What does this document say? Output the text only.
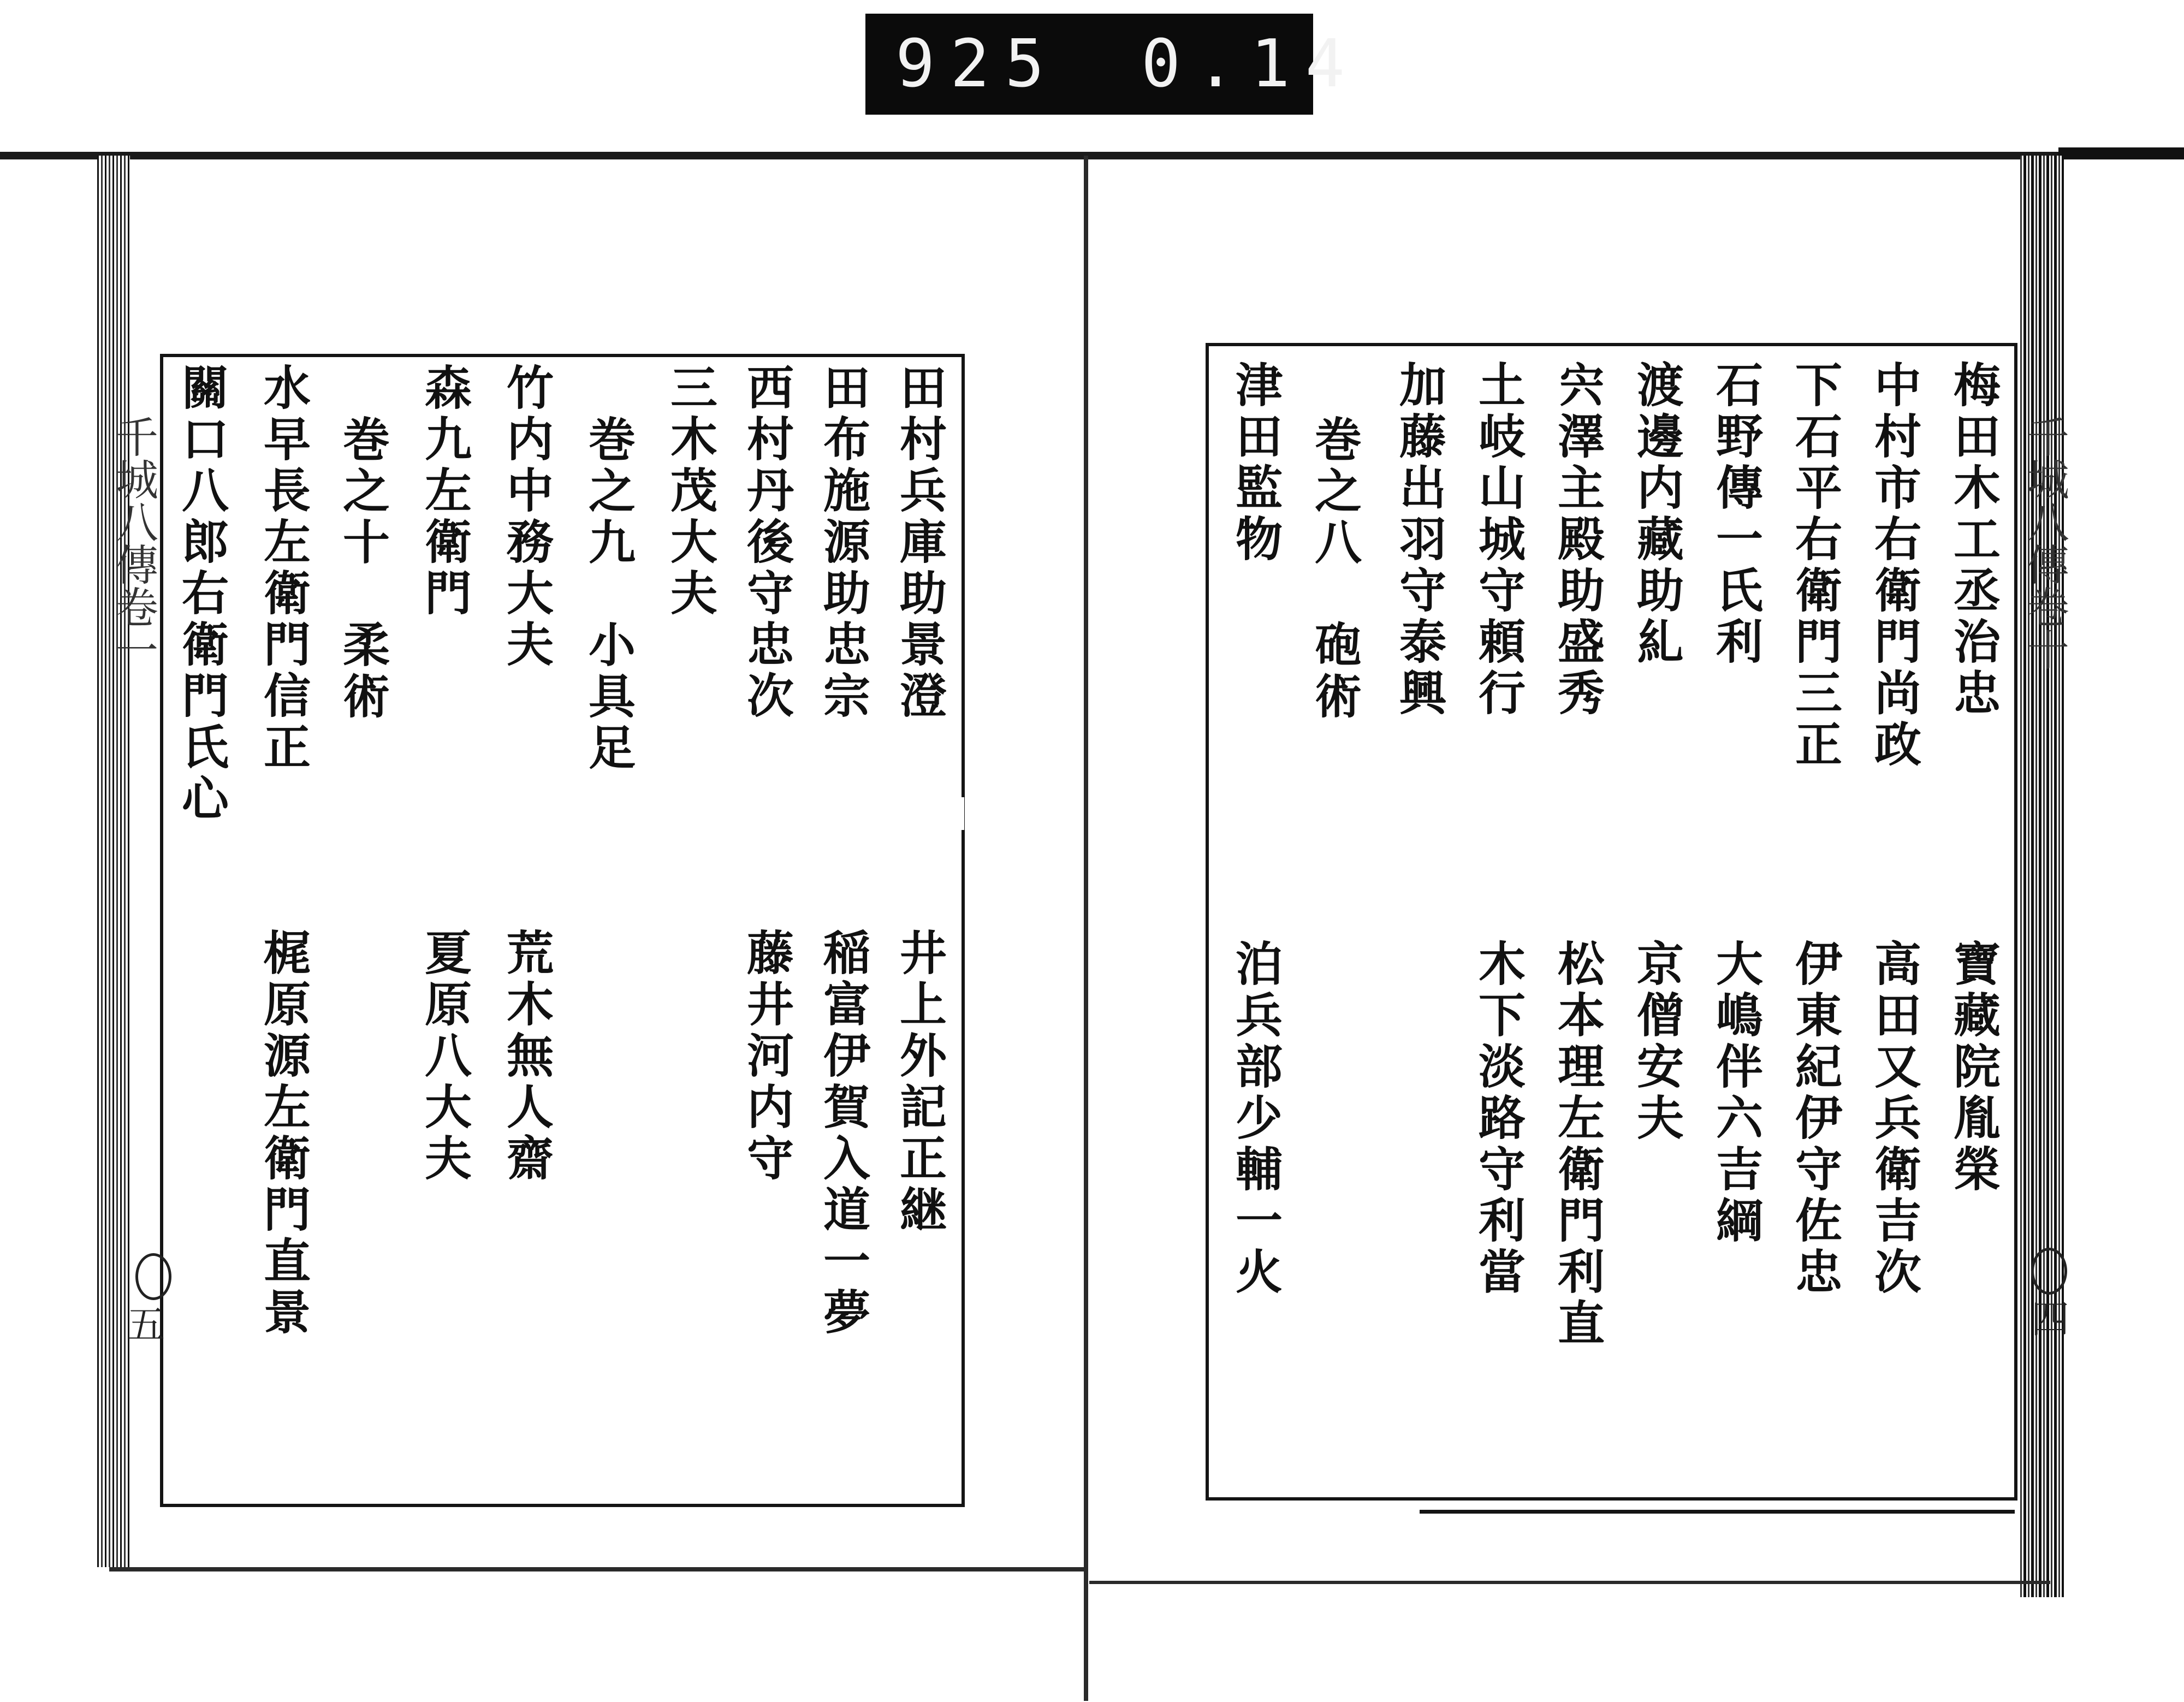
925 0.14
千城八傳卷一	千城八傳卷十
五	四
梅田木工丞治忠
中村市右衛門尚政
下石平右衛門三正
石野傳一氏利
渡邊内藏助糺
宍澤主殿助盛秀
土岐山城守頼行
加藤出羽守泰興
巻之八　砲術
津田監物
寶藏院胤榮
高田又兵衛吉次
伊東紀伊守佐忠
大嶋伴六吉綱
京僧安夫
松本理左衛門利直
木下淡路守利當
泊兵部少輔一火
田村兵庫助景澄
田布施源助忠宗
西村丹後守忠次
三木茂大夫
巻之九　小具足
竹内中務大夫
森九左衛門
巻之十　柔術
水早長左衛門信正
關口八郎右衛門氏心
井上外記正継
稲富伊賀入道一夢
藤井河内守
荒木無人齋
夏原八大夫
梶原源左衛門直景
